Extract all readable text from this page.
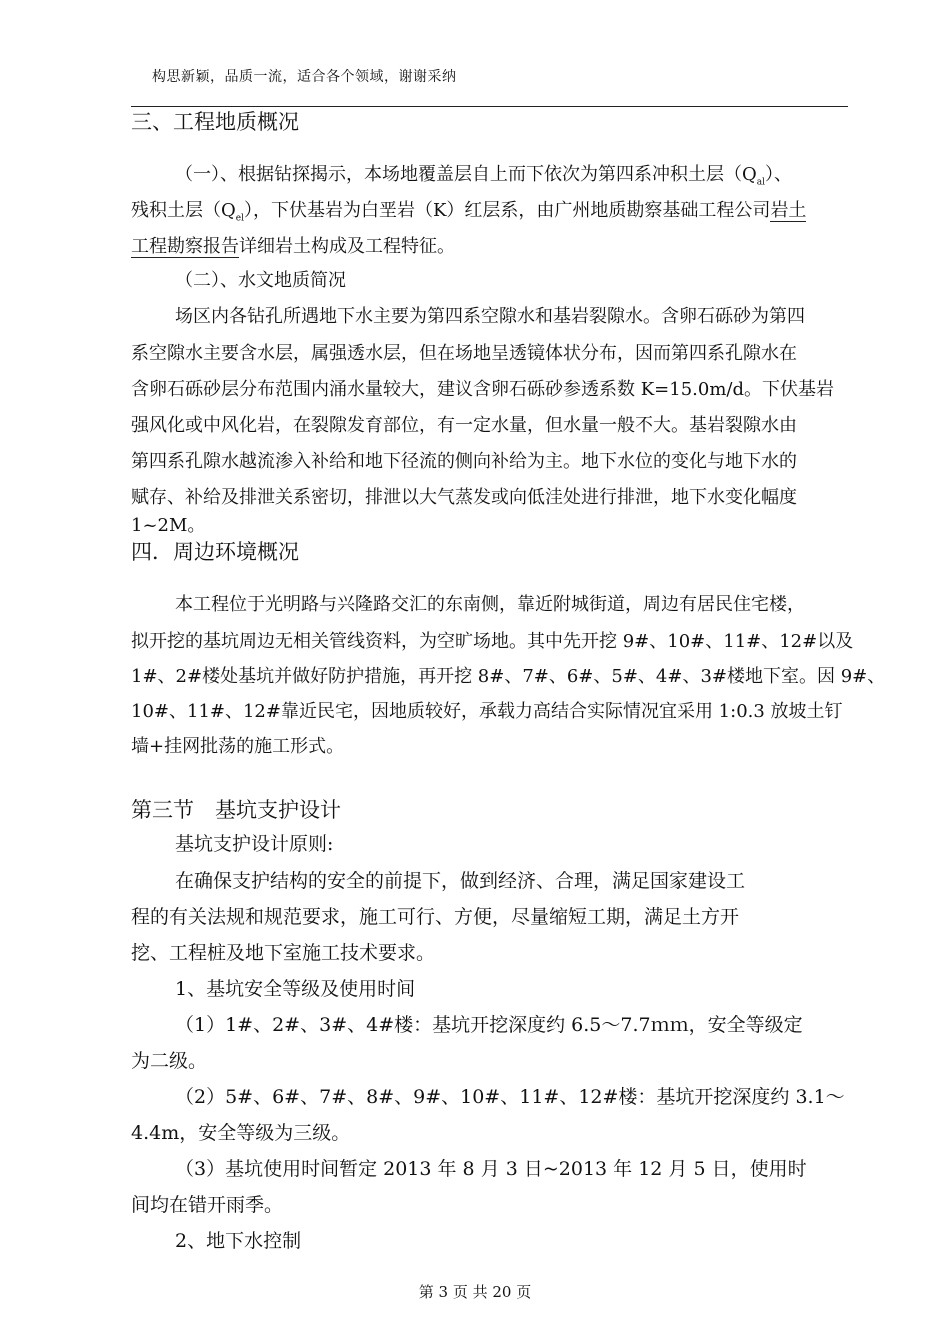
构思新颖，品质一流，适合各个领域，谢谢采纳
三、工程地质概况
（一）、根据钻探揭示，本场地覆盖层自上而下依次为第四系冲积土层$(Q_{al})$、
残积土层$(Q_{el})$，下伏基岩为白垩岩（K）红层系，由广州地质勘察基础工程公司岩土
工程勘察报告详细岩土构成及工程特征。
（二）、水文地质简况
场区内各钻孔所遇地下水主要为第四系空隙水和基岩裂隙水。含卵石砾砂为第四
系空隙水主要含水层，属强透水层，但在场地呈透镜体状分布，因而第四系孔隙水在
含卵石砾砂层分布范围内涌水量较大，建议含卵石砾砂参透系数 K=15.0m/d。下伏基岩
强风化或中风化岩，在裂隙发育部位，有一定水量，但水量一般不大。基岩裂隙水由
第四系孔隙水越流渗入补给和地下径流的侧向补给为主。地下水位的变化与地下水的
赋存、补给及排泄关系密切，排泄以大气蒸发或向低洼处进行排泄，地下水变化幅度
1~2M。
四．周边环境概况
本工程位于光明路与兴隆路交汇的东南侧，靠近附城街道，周边有居民住宅楼，
拟开挖的基坑周边无相关管线资料，为空旷场地。其中先开挖 9#、10#、11#、12#以及
1#、2#楼处基坑并做好防护措施，再开挖 8#、7#、6#、5#、4#、3#楼地下室。因 9#、
10#、11#、12#靠近民宅，因地质较好，承载力高结合实际情况宜采用 1:0.3 放坡土钉
墙+挂网批荡的施工形式。
第三节　基坑支护设计
基坑支护设计原则:
在确保支护结构的安全的前提下，做到经济、合理，满足国家建设工
程的有关法规和规范要求，施工可行、方便，尽量缩短工期，满足土方开
挖、工程桩及地下室施工技术要求。
1、基坑安全等级及使用时间
（1）1#、2#、3#、4#楼：基坑开挖深度约 6.5～7.7ｍｍ，安全等级定
为二级。
（2）5#、6#、7#、8#、9#、10#、11#、12#楼：基坑开挖深度约 3.1～
4.4m，安全等级为三级。
（3）基坑使用时间暂定 2013 年 8 月 3 日~2013 年 12 月 5 日，使用时
间均在错开雨季。
2、地下水控制
第 3 页 共 20 页
